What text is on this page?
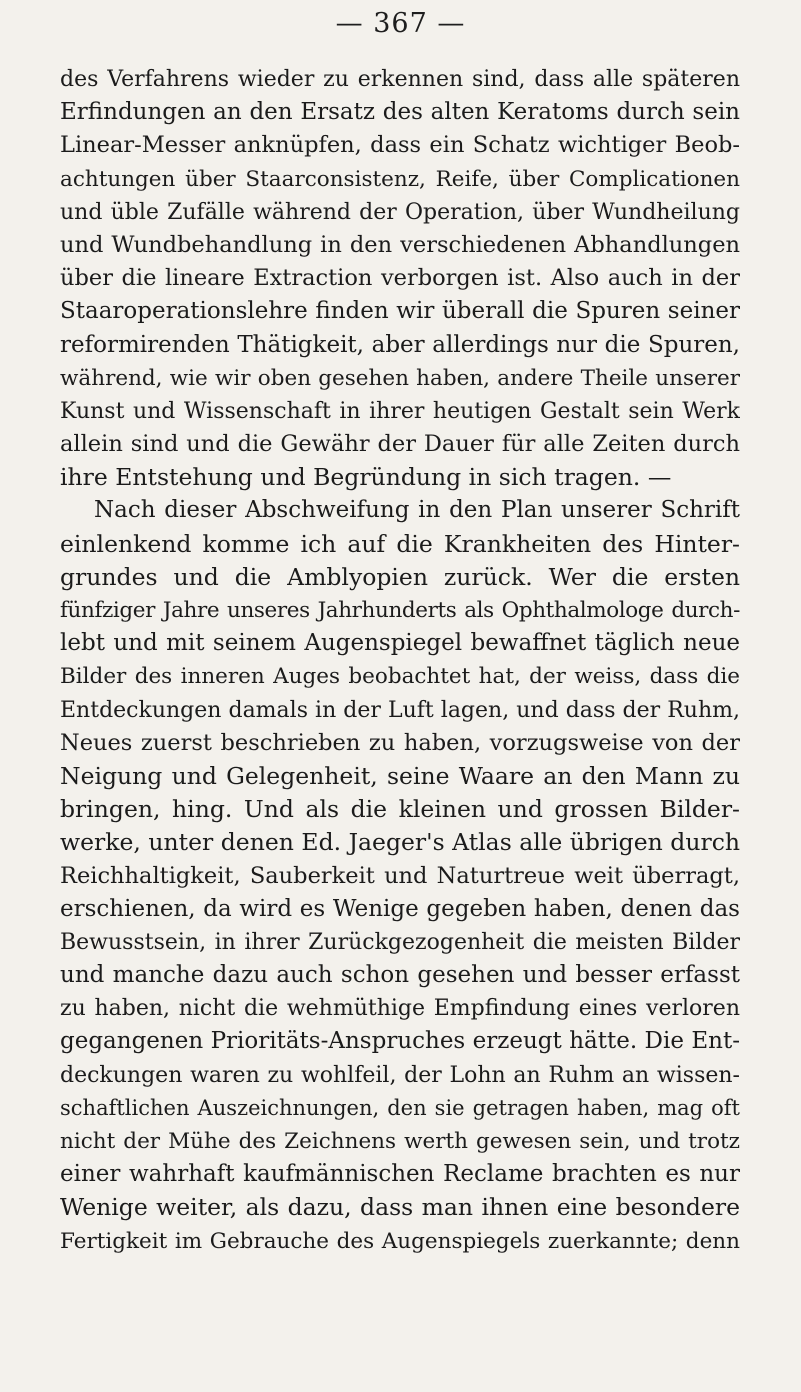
— 367 —
des Verfahrens wieder zu erkennen sind, dass alle späteren
Erfindungen an den Ersatz des alten Keratoms durch sein
Linear-Messer anknüpfen, dass ein Schatz wichtiger Beob-
achtungen über Staarconsistenz, Reife, über Complicationen
und üble Zufälle während der Operation, über Wundheilung
und Wundbehandlung in den verschiedenen Abhandlungen
über die lineare Extraction verborgen ist. Also auch in der
Staaroperationslehre finden wir überall die Spuren seiner
reformirenden Thätigkeit, aber allerdings nur die Spuren,
während, wie wir oben gesehen haben, andere Theile unserer
Kunst und Wissenschaft in ihrer heutigen Gestalt sein Werk
allein sind und die Gewähr der Dauer für alle Zeiten durch
ihre Entstehung und Begründung in sich tragen. —
Nach dieser Abschweifung in den Plan unserer Schrift
einlenkend komme ich auf die Krankheiten des Hinter-
grundes und die Amblyopien zurück. Wer die ersten
fünfziger Jahre unseres Jahrhunderts als Ophthalmologe durch-
lebt und mit seinem Augenspiegel bewaffnet täglich neue
Bilder des inneren Auges beobachtet hat, der weiss, dass die
Entdeckungen damals in der Luft lagen, und dass der Ruhm,
Neues zuerst beschrieben zu haben, vorzugsweise von der
Neigung und Gelegenheit, seine Waare an den Mann zu
bringen, hing. Und als die kleinen und grossen Bilder-
werke, unter denen Ed. Jaeger's Atlas alle übrigen durch
Reichhaltigkeit, Sauberkeit und Naturtreue weit überragt,
erschienen, da wird es Wenige gegeben haben, denen das
Bewusstsein, in ihrer Zurückgezogenheit die meisten Bilder
und manche dazu auch schon gesehen und besser erfasst
zu haben, nicht die wehmüthige Empfindung eines verloren
gegangenen Prioritäts-Anspruches erzeugt hätte. Die Ent-
deckungen waren zu wohlfeil, der Lohn an Ruhm an wissen-
schaftlichen Auszeichnungen, den sie getragen haben, mag oft
nicht der Mühe des Zeichnens werth gewesen sein, und trotz
einer wahrhaft kaufmännischen Reclame brachten es nur
Wenige weiter, als dazu, dass man ihnen eine besondere
Fertigkeit im Gebrauche des Augenspiegels zuerkannte; denn
